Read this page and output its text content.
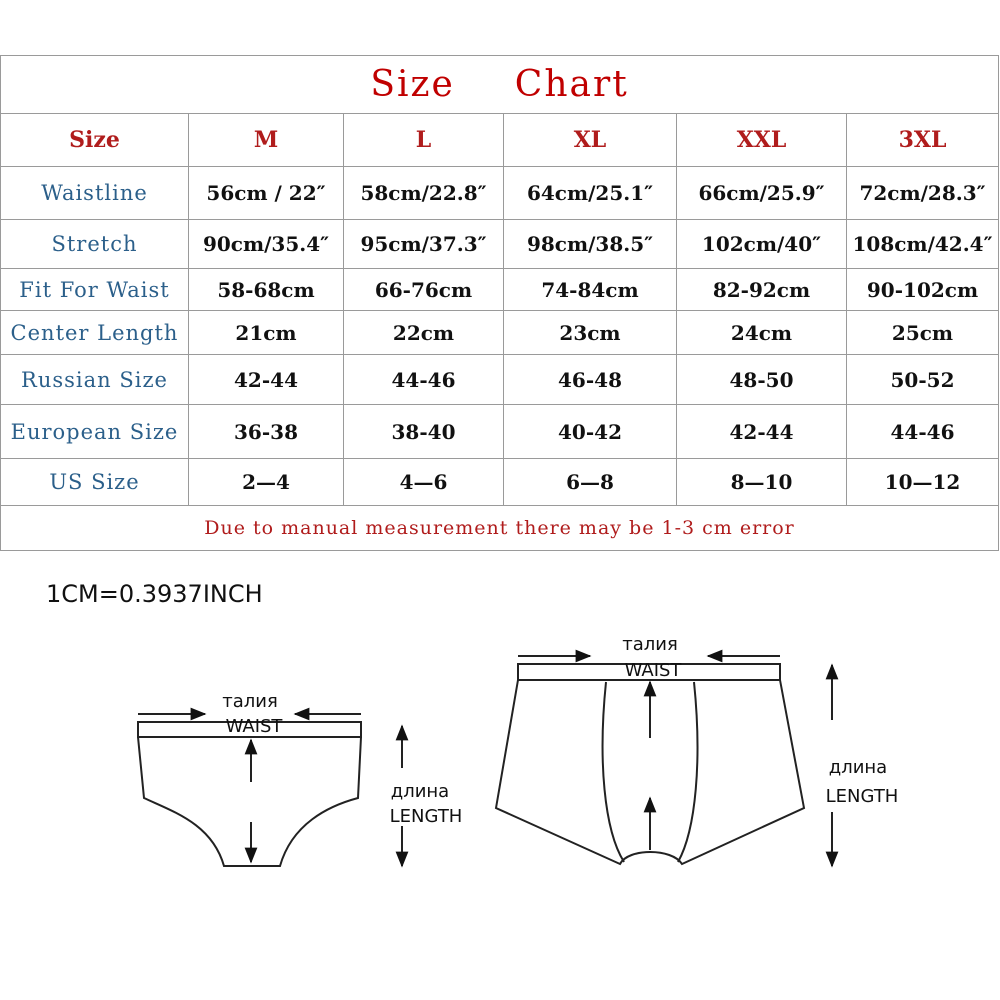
Size Chart					
Size	M	L	XL	XXL	3XL
Waistline	56cm / 22″	58cm/22.8″	64cm/25.1″	66cm/25.9″	72cm/28.3″
Stretch	90cm/35.4″	95cm/37.3″	98cm/38.5″	102cm/40″	108cm/42.4″
Fit For Waist	58-68cm	66-76cm	74-84cm	82-92cm	90-102cm
Center Length	21cm	22cm	23cm	24cm	25cm
Russian Size	42-44	44-46	46-48	48-50	50-52
European Size	36-38	38-40	40-42	42-44	44-46
US Size	2—4	4—6	6—8	8—10	10—12
Due to manual measurement there may be 1-3 cm error					
1CM=0.3937INCH
талия
WAIST
длина
LENGTH
талия
WAIST
длина
LENGTH
